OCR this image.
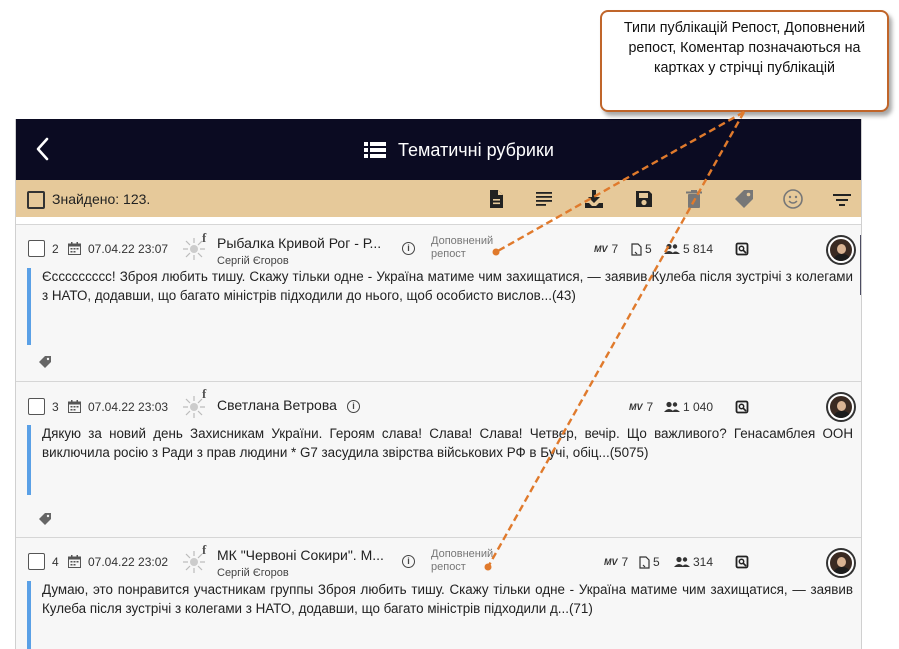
Тематичні рубрики
Знайдено: 123.
2 07.04.22 23:07
f Рыбалка Кривой Рог - Р...
Сергій Єгоров
i
Доповнений репост	MV 7 5	5 814
Єссссссссс! Зброя любить тишу. Скажу тільки одне - Україна матиме чим захищатися, — заявив Кулеба після зустрічі з колегами з НАТО, додавши, що багато міністрів підходили до нього, щоб особисто вислов...(43)
3 07.04.22 23:03
f
Светлана Ветрова	i	MV 7 1 040
Дякую за новий день Захисникам України. Героям слава! Слава! Слава! Четвер, вечір. Що важливого? Генасамблея ООН виключила росію з Ради з прав людини * G7 засудила звірства військових РФ в Бучі, обіц...(5075)
4 07.04.22 23:02
f МК "Червоні Сокири". М...
Сергій Єгоров
i
Доповнений репост	MV 7 5	314
Думаю, это понравится участникам группы Зброя любить тишу. Скажу тільки одне - Україна матиме чим захищатися, — заявив Кулеба після зустрічі з колегами з НАТО, додавши, що багато міністрів підходили д...(71)
Типи публікацій Репост, Доповнений репост, Коментар позначаються на картках у стрічці публікацій
